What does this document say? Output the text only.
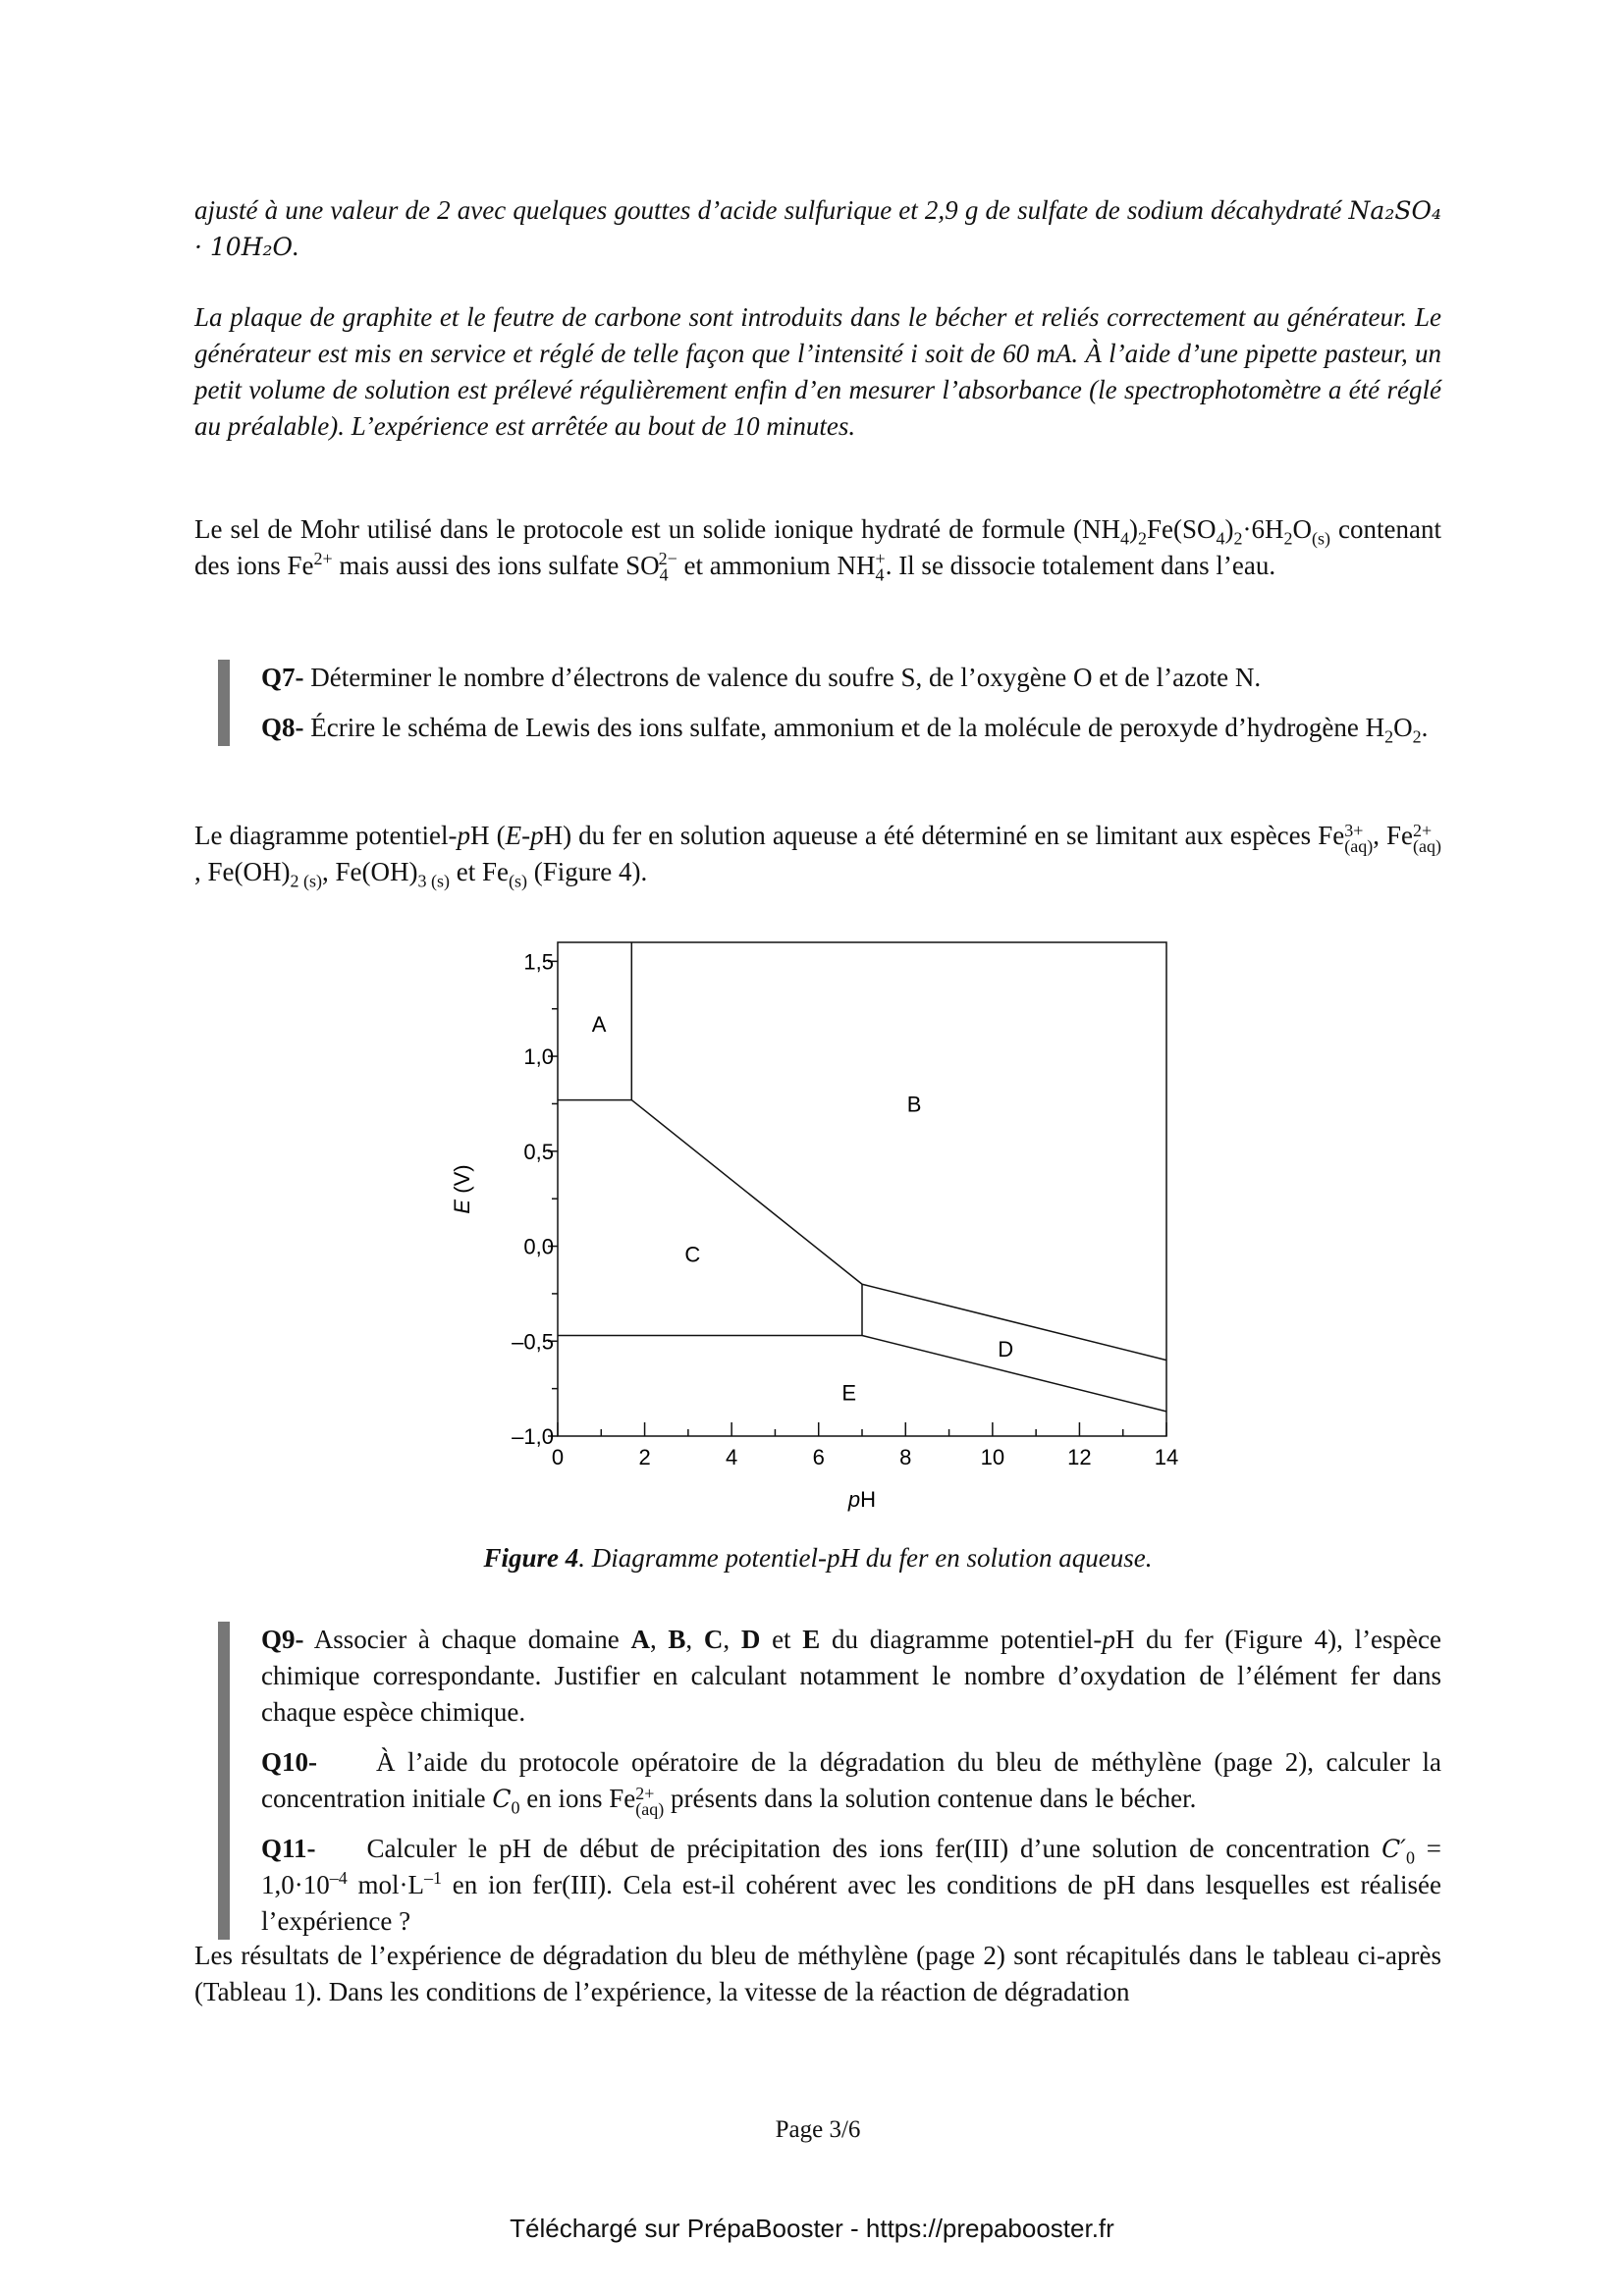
ajusté à une valeur de 2 avec quelques gouttes d’acide sulfurique et 2,9 g de sulfate de sodium décahydraté Na₂SO₄ · 10H₂O.

La plaque de graphite et le feutre de carbone sont introduits dans le bécher et reliés correctement au générateur. Le générateur est mis en service et réglé de telle façon que l’intensité i soit de 60 mA. À l’aide d’une pipette pasteur, un petit volume de solution est prélevé régulièrement enfin d’en mesurer l’absorbance (le spectrophotomètre a été réglé au préalable). L’expérience est arrêtée au bout de 10 minutes.

Le sel de Mohr utilisé dans le protocole est un solide ionique hydraté de formule $(NH_4)_2Fe(SO_4)_2\cdot 6H_2O_{(s)}$ contenant des ions $Fe^{2+}$ mais aussi des ions sulfate $SO_4^{2-}$ et ammonium $NH_4^+$. Il se dissocie totalement dans l’eau.

Q7- Déterminer le nombre d’électrons de valence du soufre S, de l’oxygène O et de l’azote N.

Q8- Écrire le schéma de Lewis des ions sulfate, ammonium et de la molécule de peroxyde d’hydrogène $H_2O_2$.

Le diagramme potentiel-pH (E-pH) du fer en solution aqueuse a été déterminé en se limitant aux espèces Fe 3+
(aq) , Fe 2+
(aq)
, $Fe(OH)_{2 (s)}$, $Fe(OH)_{3 (s)}$ et $Fe_{(s)}$ (Figure 4).

A
B
C
D
E
0	2	4	6	8	10	12	14
–1,0
–0,5
0,0
0,5
1,0
1,5
pH
E (V)
Figure 4. Diagramme potentiel-pH du fer en solution aqueuse.

Q9- Associer à chaque domaine A, B, C, D et E du diagramme potentiel-pH du fer (Figure 4), l’espèce chimique correspondante. Justifier en calculant notamment le nombre d’oxydation de l’élément fer dans chaque espèce chimique.

Q10- À l’aide du protocole opératoire de la dégradation du bleu de méthylène (page 2), calculer la concentration initiale $C_0$ en ions Fe 2+
(aq) présents dans la solution contenue dans le bécher.

Q11- Calculer le pH de début de précipitation des ions fer(III) d’une solution de concentration $C'_0 = 1,0\cdot 10^{-4}$ $mol\cdot L^{-1}$ en ion fer(III). Cela est-il cohérent avec les conditions de pH dans lesquelles est réalisée l’expérience ?

Les résultats de l’expérience de dégradation du bleu de méthylène (page 2) sont récapitulés dans le tableau ci-après (Tableau 1). Dans les conditions de l’expérience, la vitesse de la réaction de dégradation

Page 3/6
Téléchargé sur PrépaBooster - https://prepabooster.fr
